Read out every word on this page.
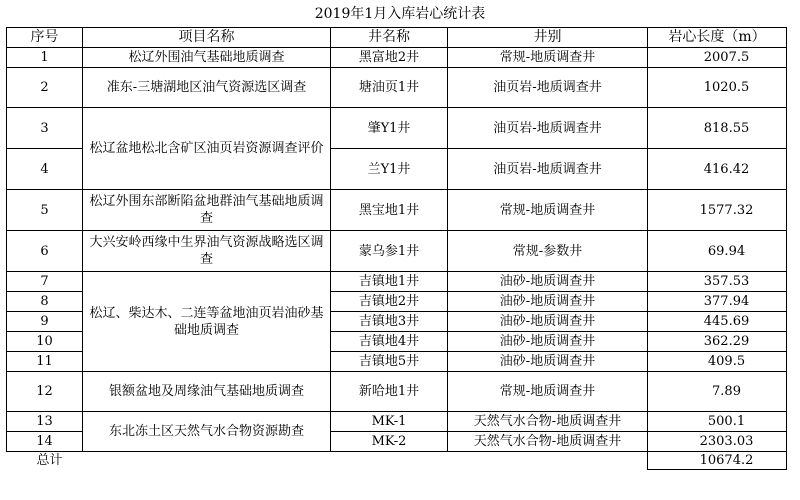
2019年1月入库岩心统计表
序号	项目名称	井名称	井别	岩心长度（m）
1	松辽外围油气基础地质调查	黑富地2井	常规-地质调查井	2007.5
2	准东-三塘湖地区油气资源选区调查	塘油页1井	油页岩-地质调查井	1020.5
3	松辽盆地松北含矿区油页岩资源调查评价	肇Y1井	油页岩-地质调查井	818.55
4		兰Y1井	油页岩-地质调查井	416.42
5	松辽外围东部断陷盆地群油气基础地质调查	黑宝地1井	常规-地质调查井	1577.32
6	大兴安岭西缘中生界油气资源战略选区调查	蒙乌参1井	常规-参数井	69.94
7	松辽、柴达木、二连等盆地油页岩油砂基础地质调查	吉镇地1井	油砂-地质调查井	357.53
8		吉镇地2井	油砂-地质调查井	377.94
9		吉镇地3井	油砂-地质调查井	445.69
10		吉镇地4井	油砂-地质调查井	362.29
11		吉镇地5井	油砂-地质调查井	409.5
12	银额盆地及周缘油气基础地质调查	新哈地1井	常规-地质调查井	7.89
13	东北冻土区天然气水合物资源勘查	MK-1	天然气水合物-地质调查井	500.1
14		MK-2	天然气水合物-地质调查井	2303.03
总计				10674.2
